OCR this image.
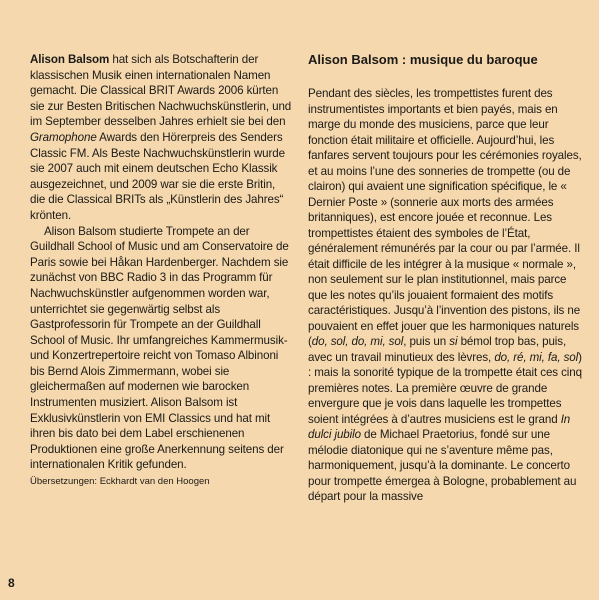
Alison Balsom hat sich als Botschafterin der klassischen Musik einen internationalen Namen gemacht. Die Classical BRIT Awards 2006 kürten sie zur Besten Britischen Nachwuchskünstlerin, und im September desselben Jahres erhielt sie bei den Gramophone Awards den Hörerpreis des Senders Classic FM. Als Beste Nachwuchskünstlerin wurde sie 2007 auch mit einem deutschen Echo Klassik ausgezeichnet, und 2009 war sie die erste Britin, die die Classical BRITs als „Künstlerin des Jahres“ krönten.

Alison Balsom studierte Trompete an der Guildhall School of Music und am Conservatoire de Paris sowie bei Håkan Hardenberger. Nachdem sie zunächst von BBC Radio 3 in das Programm für Nachwuchskünstler aufgenommen worden war, unterrichtet sie gegenwärtig selbst als Gastprofessorin für Trompete an der Guildhall School of Music. Ihr umfangreiches Kammermusik- und Konzertrepertoire reicht von Tomaso Albinoni bis Bernd Alois Zimmermann, wobei sie gleichermaßen auf modernen wie barocken Instrumenten musiziert. Alison Balsom ist Exklusivkünstlerin von EMI Classics und hat mit ihren bis dato bei dem Label erschienenen Produktionen eine große Anerkennung seitens der internationalen Kritik gefunden.

Übersetzungen: Eckhardt van den Hoogen

Alison Balsom : musique du baroque

Pendant des siècles, les trompettistes furent des instrumentistes importants et bien payés, mais en marge du monde des musiciens, parce que leur fonction était militaire et officielle. Aujourd’hui, les fanfares servent toujours pour les cérémonies royales, et au moins l’une des sonneries de trompette (ou de clairon) qui avaient une signification spécifique, le « Dernier Poste » (sonnerie aux morts des armées britanniques), est encore jouée et reconnue. Les trompettistes étaient des symboles de l’État, généralement rémunérés par la cour ou par l’armée. Il était difficile de les intégrer à la musique « normale », non seulement sur le plan institutionnel, mais parce que les notes qu’ils jouaient formaient des motifs caractéristiques. Jusqu’à l’invention des pistons, ils ne pouvaient en effet jouer que les harmoniques naturels (do, sol, do, mi, sol, puis un si bémol trop bas, puis, avec un travail minutieux des lèvres, do, ré, mi, fa, sol) : mais la sonorité typique de la trompette était ces cinq premières notes. La première œuvre de grande envergure que je vois dans laquelle les trompettes soient intégrées à d’autres musiciens est le grand In dulci jubilo de Michael Praetorius, fondé sur une mélodie diatonique qui ne s’aventure même pas, harmoniquement, jusqu’à la dominante. Le concerto pour trompette émergea à Bologne, probablement au départ pour la massive

8
